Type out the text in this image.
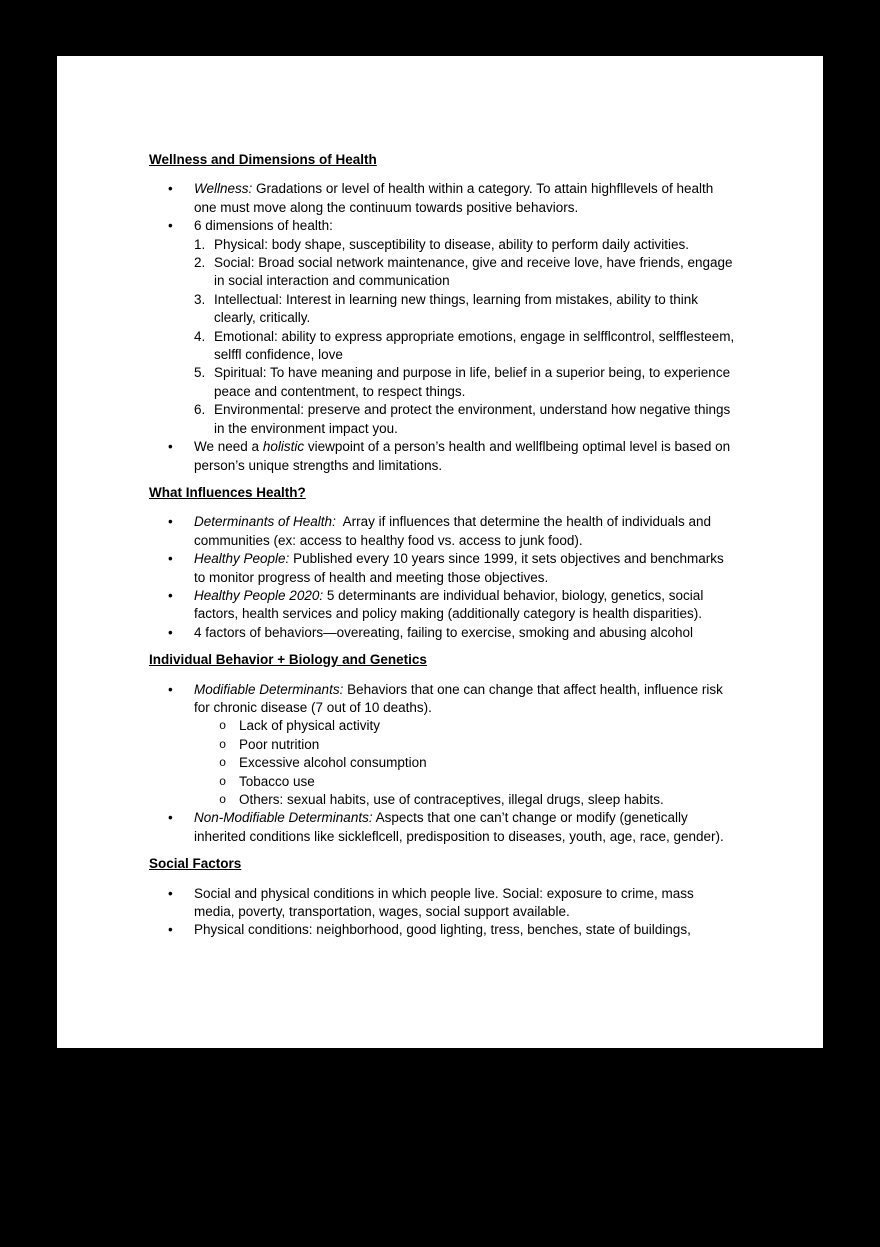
Wellness and Dimensions of Health
• Wellness: Gradations or level of health within a category. To attain highfllevels of health one must move along the continuum towards positive behaviors.
• 6 dimensions of health:
1. Physical: body shape, susceptibility to disease, ability to perform daily activities.
2. Social: Broad social network maintenance, give and receive love, have friends, engage in social interaction and communication
3. Intellectual: Interest in learning new things, learning from mistakes, ability to think clearly, critically.
4. Emotional: ability to express appropriate emotions, engage in selfflcontrol, selfflesteem, selffl confidence, love
5. Spiritual: To have meaning and purpose in life, belief in a superior being, to experience peace and contentment, to respect things.
6. Environmental: preserve and protect the environment, understand how negative things in the environment impact you.
• We need a holistic viewpoint of a person’s health and wellflbeing optimal level is based on person’s unique strengths and limitations.
What Influences Health?
• Determinants of Health:  Array if influences that determine the health of individuals and communities (ex: access to healthy food vs. access to junk food).
• Healthy People: Published every 10 years since 1999, it sets objectives and benchmarks to monitor progress of health and meeting those objectives.
• Healthy People 2020: 5 determinants are individual behavior, biology, genetics, social factors, health services and policy making (additionally category is health disparities).
• 4 factors of behaviors—overeating, failing to exercise, smoking and abusing alcohol
Individual Behavior + Biology and Genetics
• Modifiable Determinants: Behaviors that one can change that affect health, influence risk for chronic disease (7 out of 10 deaths).
o Lack of physical activity
o Poor nutrition
o Excessive alcohol consumption
o Tobacco use
o Others: sexual habits, use of contraceptives, illegal drugs, sleep habits.
• Non-Modifiable Determinants: Aspects that one can’t change or modify (genetically inherited conditions like sickleflcell, predisposition to diseases, youth, age, race, gender).
Social Factors
• Social and physical conditions in which people live. Social: exposure to crime, mass media, poverty, transportation, wages, social support available.
• Physical conditions: neighborhood, good lighting, tress, benches, state of buildings,
